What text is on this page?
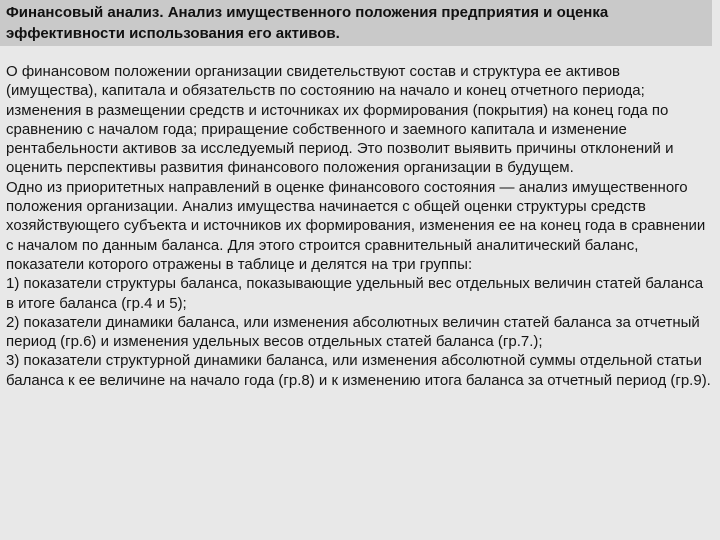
Финансовый анализ. Анализ имущественного положения предприятия и оценка эффективности использования его активов.

О финансовом положении организации свидетельствуют состав и структура ее активов (имущества), капитала и обязательств по состоянию на начало и конец отчетного периода; изменения в размещении средств и источниках их формирования (покрытия) на конец года по сравнению с началом года; приращение собственного и заемного капитала и изменение рентабельности активов за исследуемый период. Это позволит выявить причины отклонений и оценить перспективы развития финансового положения организации в будущем.

Одно из приоритетных направлений в оценке финансового состояния — анализ имущественного положения организации. Анализ имуществa начинается с общей оценки структуры средств хозяйствующего субъекта и источников их формирования, изменения ее на конец года в сравнении с началом по данным баланса. Для этого строится сравнительный аналитический баланс, показатели которого отражены в таблице и делятся на три группы:

1) показатели структуры баланса, показывающие удельный вес отдельных величин статей баланса в итоге баланса (гр.4 и 5);

2) показатели динамики баланса, или изменения абсолютных величин статей баланса за отчетный период (гр.6) и изменения удельных весов отдельных статей баланса (гр.7.);

3) показатели структурной динамики баланса, или изменения абсолютной суммы отдельной статьи баланса к ее величине на начало года (гр.8) и к изменению итога баланса за отчетный период (гр.9).
